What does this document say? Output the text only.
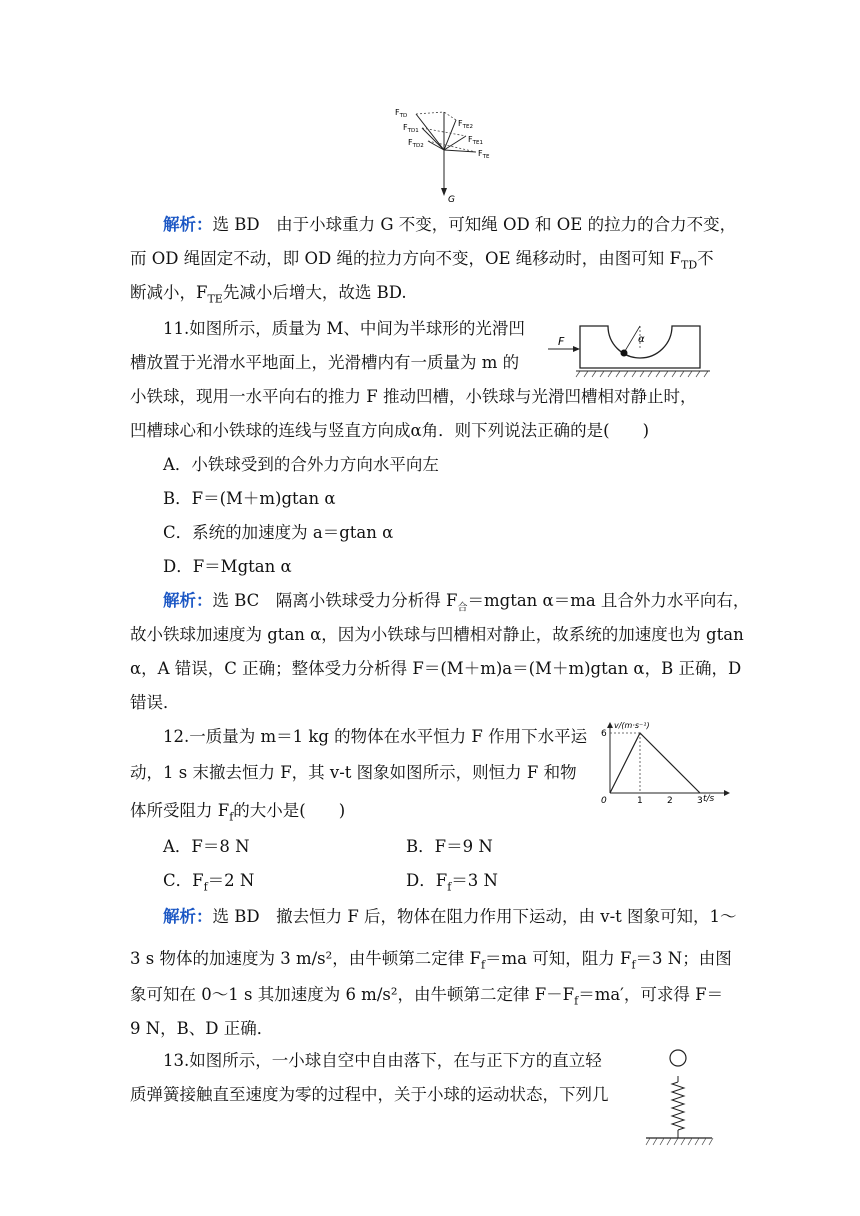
$F_{TD}$
$F_{TD1}$
$F_{TD2}$
$F_{TE2}$
$F_{TE1}$
$F_{TE}$
G

解析：选 BD　由于小球重力 G 不变，可知绳 OD 和 OE 的拉力的合力不变，

而 OD 绳固定不动，即 OD 绳的拉力方向不变，OE 绳移动时，由图可知 $F_{TD}$不

断减小，$F_{TE}$先减小后增大，故选 BD.

11.如图所示，质量为 M、中间为半球形的光滑凹

槽放置于光滑水平地面上，光滑槽内有一质量为 m 的

小铁球，现用一水平向右的推力 F 推动凹槽，小铁球与光滑凹槽相对静止时，

凹槽球心和小铁球的连线与竖直方向成α角．则下列说法正确的是(　　)

A．小铁球受到的合外力方向水平向左

B．F＝(M＋m)gtan α

C．系统的加速度为 a＝gtan α

D．F＝Mgtan α

F	α

解析：选 BC　隔离小铁球受力分析得 $F_合=mgtan$ α＝ma 且合外力水平向右，

故小铁球加速度为 gtan α，因为小铁球与凹槽相对静止，故系统的加速度也为 gtan

α，A 错误，C 正确；整体受力分析得 F＝(M＋m)a＝(M＋m)gtan α，B 正确，D

错误．

12.一质量为 m＝1 kg 的物体在水平恒力 F 作用下水平运

动，1 s 末撤去恒力 F，其 v-t 图象如图所示，则恒力 F 和物

体所受阻力 $F_f$的大小是(　　)

A．F＝8 N	B．F＝9 N

C．$F_f=2$ N	D．$F_f=3$ N

v/(m·s⁻¹)
t/s
0	1	2	3
6

解析：选 BD　撤去恒力 F 后，物体在阻力作用下运动，由 v-t 图象可知，1～

3 s 物体的加速度为 3 m/s²，由牛顿第二定律 $F_f=ma$ 可知，阻力 $F_f=3$ N；由图

象可知在 0～1 s 其加速度为 6 m/s²，由牛顿第二定律 $F-F_f=ma'$，可求得 F＝

9 N，B、D 正确．

13.如图所示，一小球自空中自由落下，在与正下方的直立轻

质弹簧接触直至速度为零的过程中，关于小球的运动状态，下列几
